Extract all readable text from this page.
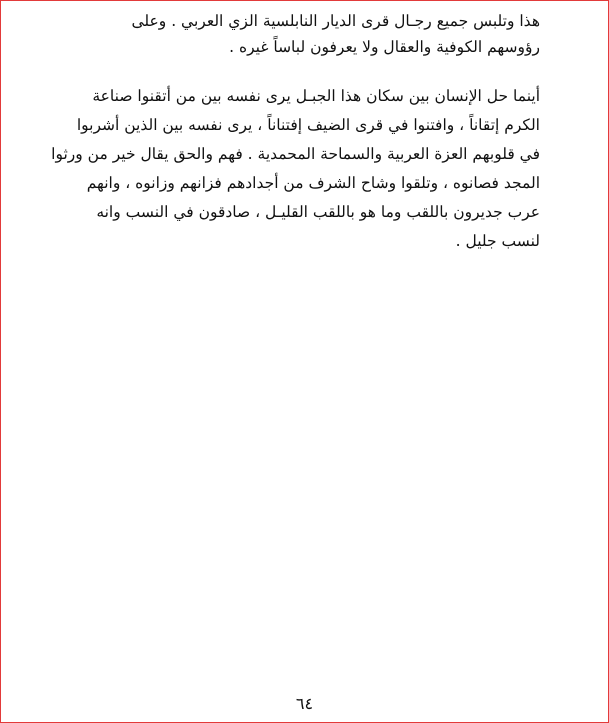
هذا وتلبس جميع رجـال قرى الديار النابلسية الزي العربي . وعلى
رؤوسهم الكوفية والعقال ولا يعرفون لباساً غيره .
أينما حل الإنسان بين سكان هذا الجبـل يرى نفسه بين من أتقنوا صناعة
الكرم إتقاناً ، وافتنوا في قرى الضيف إفتناناً ، يرى نفسه بين الذين أشربوا
في قلوبهم العزة العربية والسماحة المحمدية . فهم والحق يقال خير من ورثوا
المجد فصانوه ، وتلقوا وشاح الشرف من أجدادهم فزانهم وزانوه ، وانهم
عرب جديرون باللقب وما هو باللقب القليـل ، صادقون في النسب وانه
لنسب جليل .
٦٤
